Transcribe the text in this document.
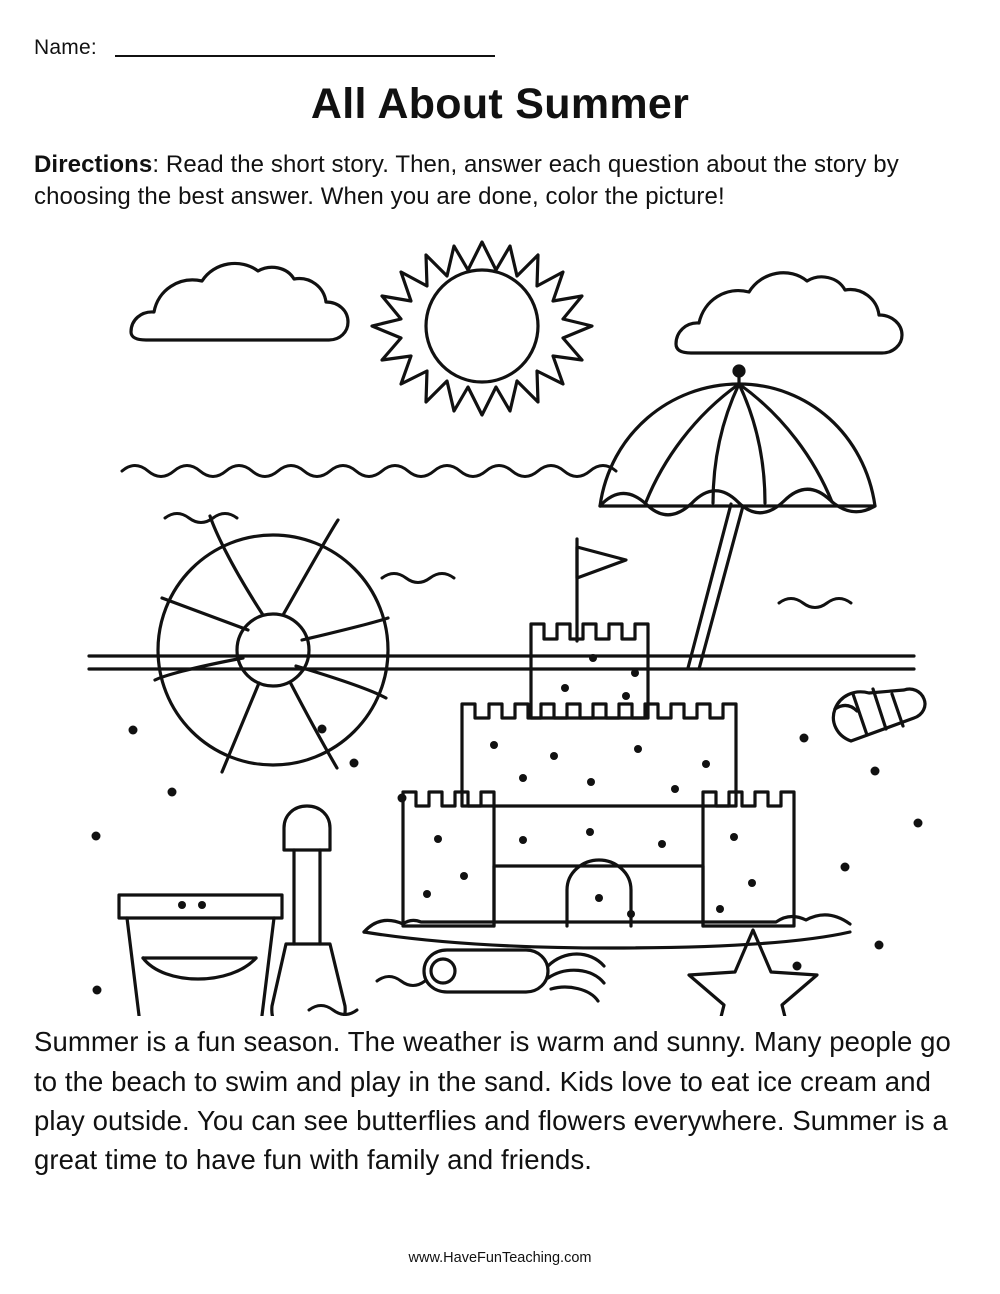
Name:
All About Summer
Directions: Read the short story. Then, answer each question about the story by choosing the best answer. When you are done, color the picture!
Summer is a fun season. The weather is warm and sunny. Many people go to the beach to swim and play in the sand. Kids love to eat ice cream and play outside. You can see butterflies and flowers everywhere. Summer is a great time to have fun with family and friends.
www.HaveFunTeaching.com
